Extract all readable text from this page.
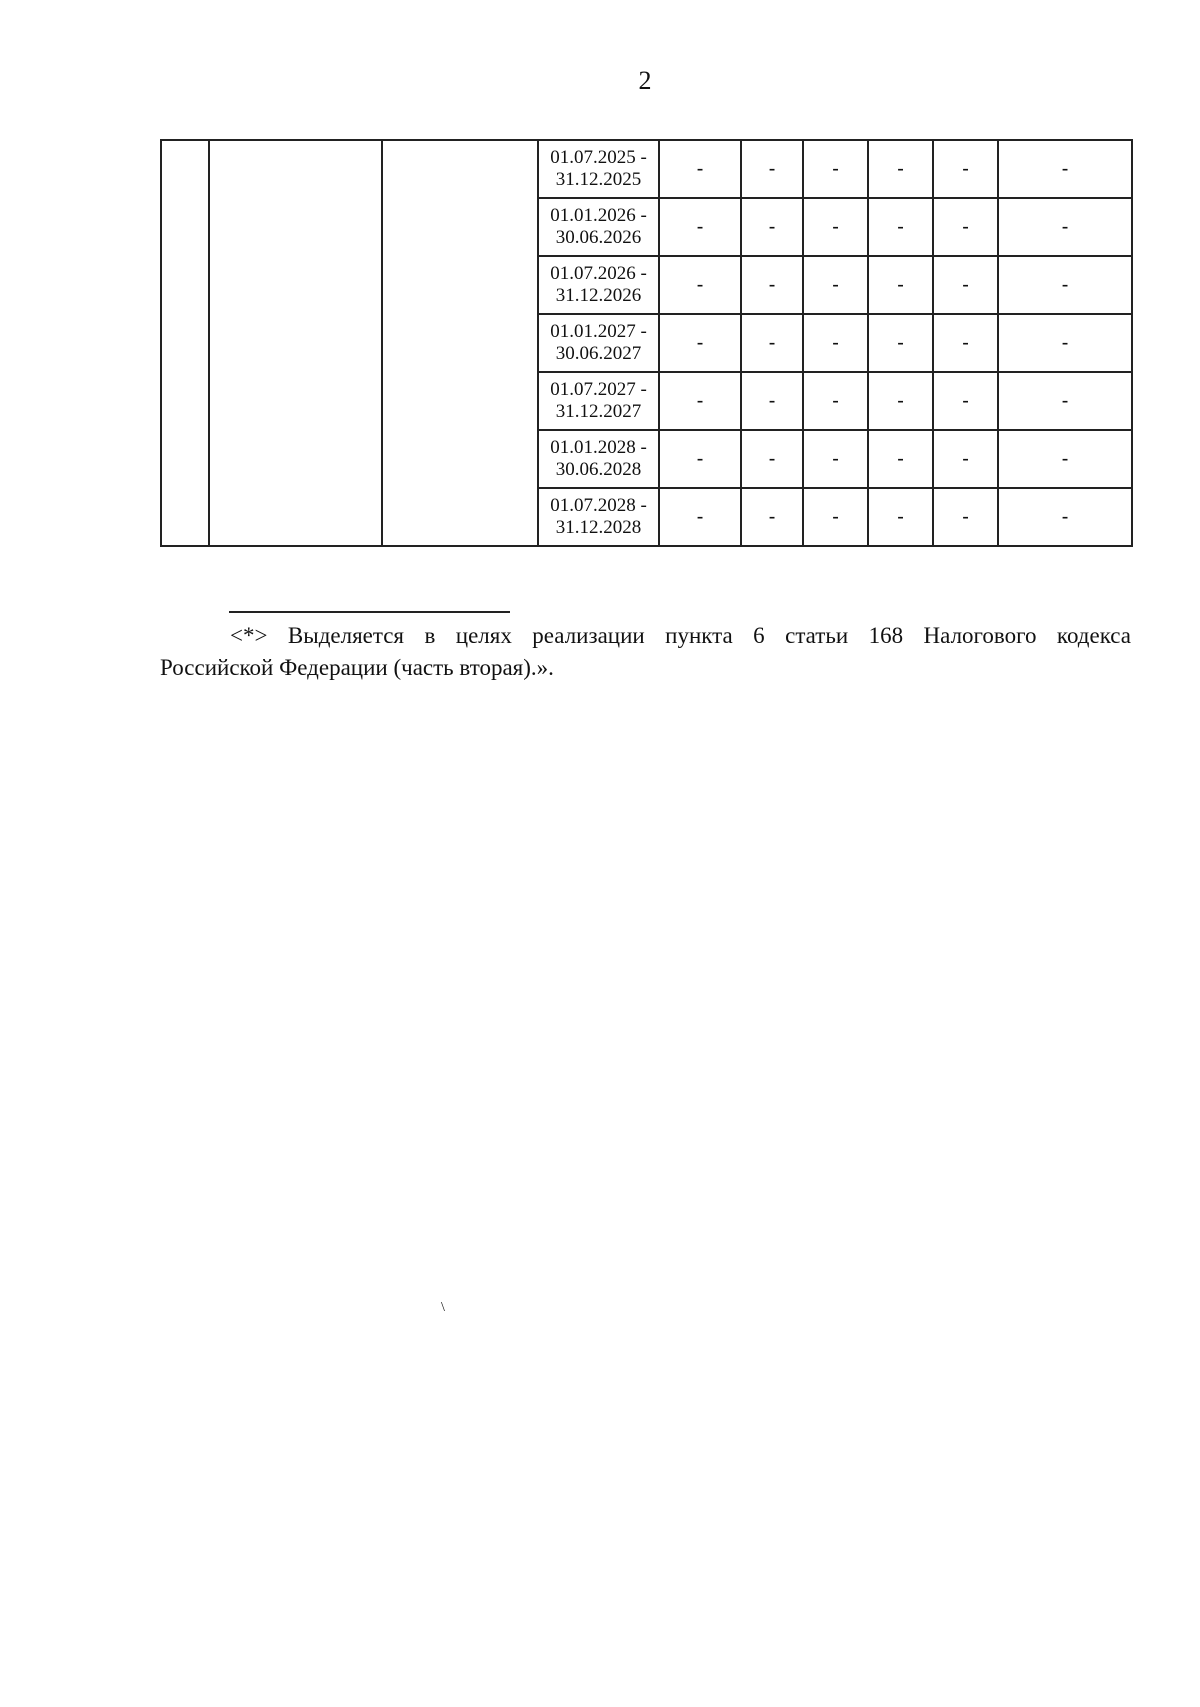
2

			01.07.2025 -
31.12.2025	-	-	-	-	-	-

			01.01.2026 -
30.06.2026	-	-	-	-	-	-

			01.07.2026 -
31.12.2026	-	-	-	-	-	-

			01.01.2027 -
30.06.2027	-	-	-	-	-	-

			01.07.2027 -
31.12.2027	-	-	-	-	-	-

			01.01.2028 -
30.06.2028	-	-	-	-	-	-

			01.07.2028 -
31.12.2028	-	-	-	-	-	-
<*> Выделяется в целях реализации пункта 6 статьи 168 Налогового кодекса
Российской Федерации (часть вторая).».
\
